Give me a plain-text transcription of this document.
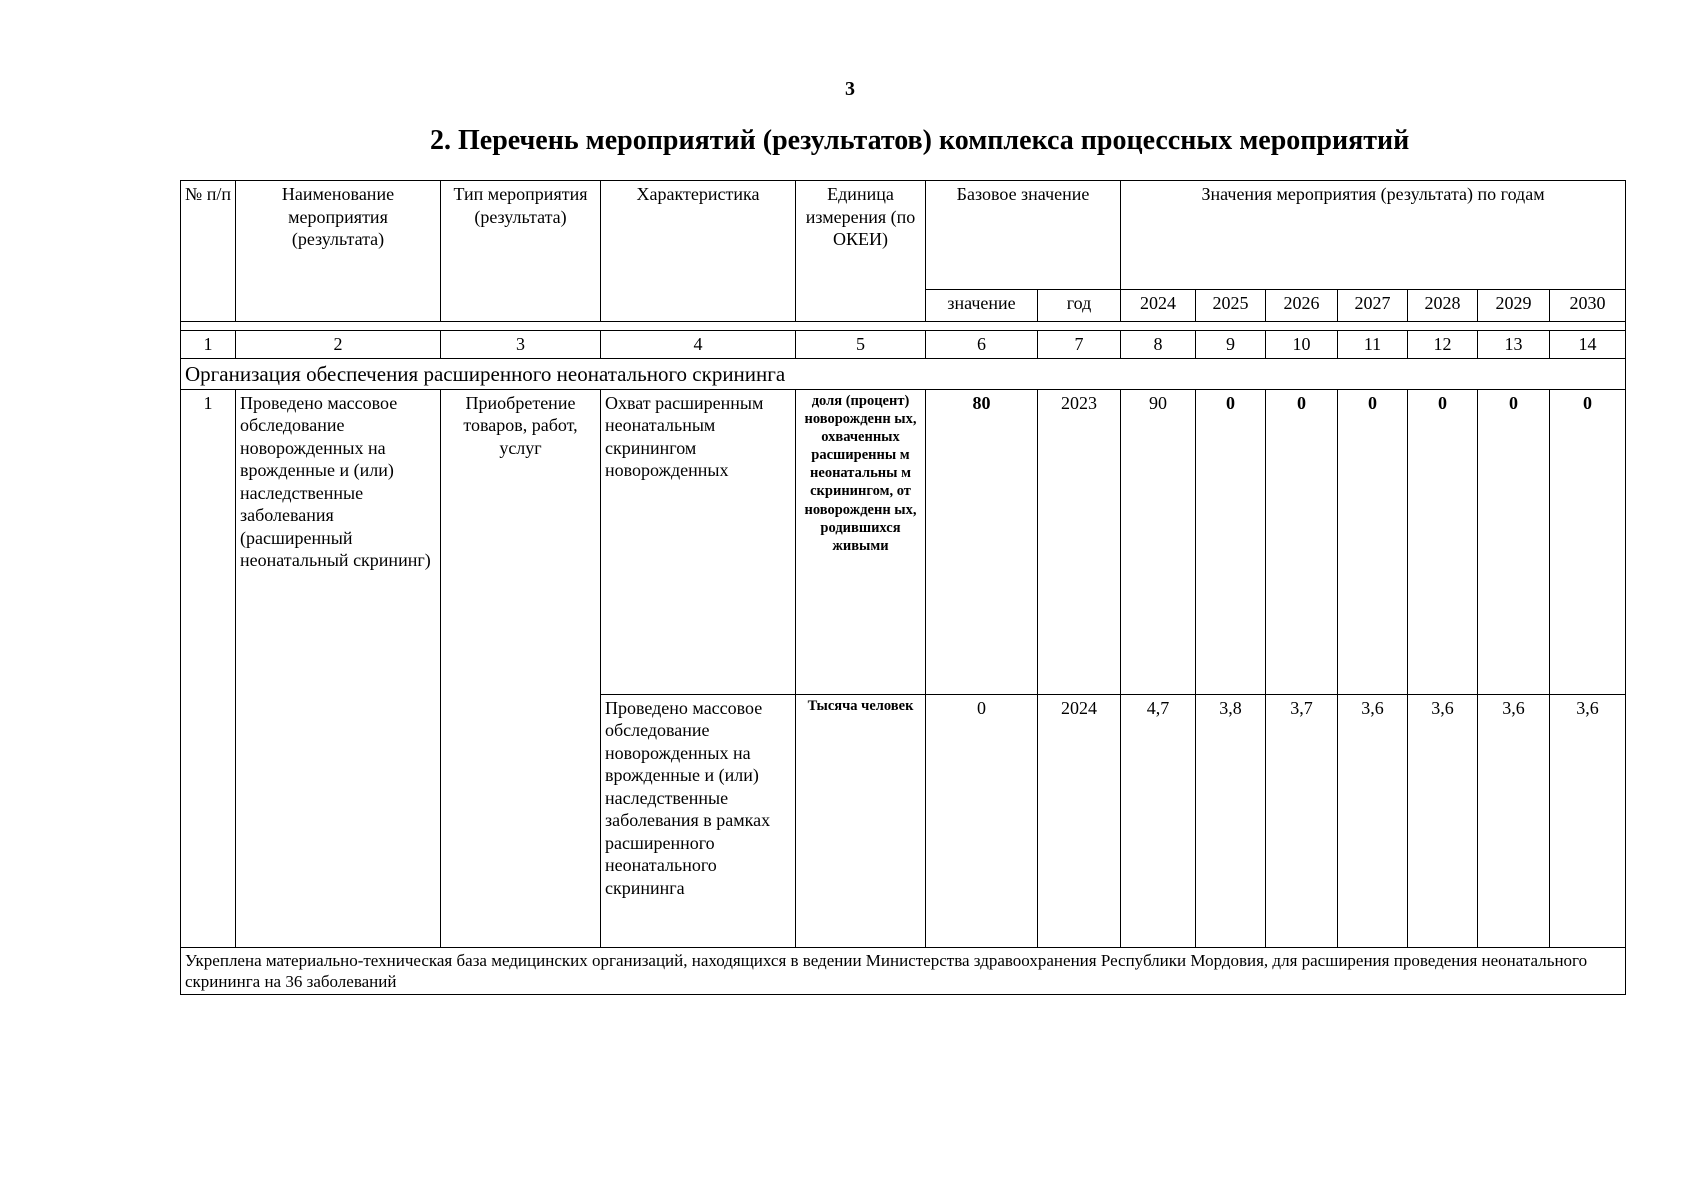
3
2. Перечень мероприятий (результатов) комплекса процессных мероприятий
№ п/п	Наименование мероприятия (результата)	Тип мероприятия (результата)	Характеристика	Единица измерения (по ОКЕИ)	Базовое значение		Значения мероприятия (результата) по годам						
					значение	год	2024	2025	2026	2027	2028	2029	2030

1	2	3	4	5	6	7	8	9	10	11	12	13	14
Организация обеспечения расширенного неонатального скрининга													
1	Проведено массовое обследование новорожденных на врожденные и (или) наследственные заболевания (расширенный неонатальный скрининг)	Приобретение товаров, работ, услуг	Охват расширенным неонатальным скринингом новорожденных	доля (процент) новорожденн ых, охваченных расширенны м неонатальны м скринингом, от новорожденн ых, родившихся живыми	80	2023	90	0	0	0	0	0	0
			Проведено массовое обследование новорожденных на врожденные и (или) наследственные заболевания в рамках расширенного неонатального скрининга	Тысяча человек	0	2024	4,7	3,8	3,7	3,6	3,6	3,6	3,6
Укреплена материально-техническая база медицинских организаций, находящихся в ведении Министерства здравоохранения Республики Мордовия, для расширения проведения неонатального скрининга на 36 заболеваний													
